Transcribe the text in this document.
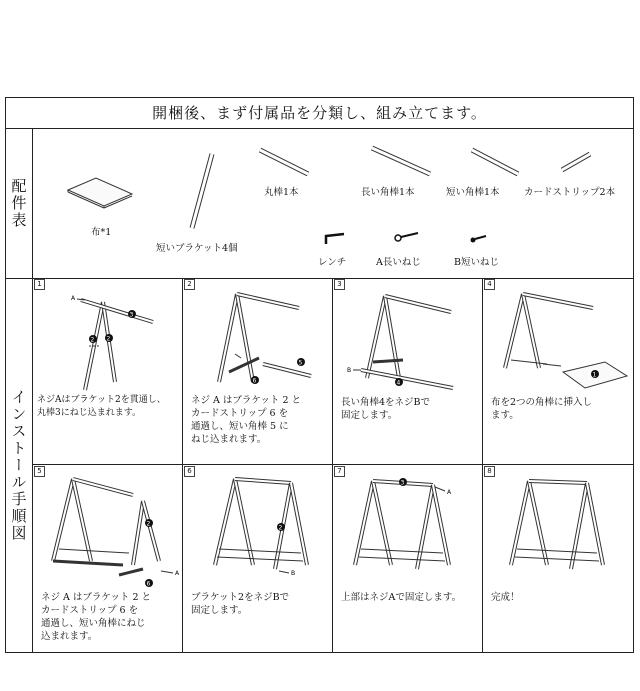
開梱後、まず付属品を分類し、組み立てます。
配件表
布*1
短いブラケット4個
丸棒1本	長い角棒1本	短い角棒1本	カードストリップ2本
レンチ	A長いねじ	B短いねじ
インストール手順図
1
3
2 2
A
ネジAはブラケット2を貫通し、
丸棒3にねじ込まれます。
2
6
5
ネジ A はブラケット 2 と
カードストリップ 6 を
通過し、短い角棒 5 に
ねじ込まれます。
3
B
4
長い角棒4をネジBで
固定します。
4
1
布を2つの角棒に挿入し
ます。
5
2
6
A
ネジ A はブラケット 2 と
カードストリップ 6 を
通過し、短い角棒にねじ
込まれます。
6
2
B
ブラケット2をネジBで
固定します。
7
3
A
上部はネジAで固定します。
8
完成！
